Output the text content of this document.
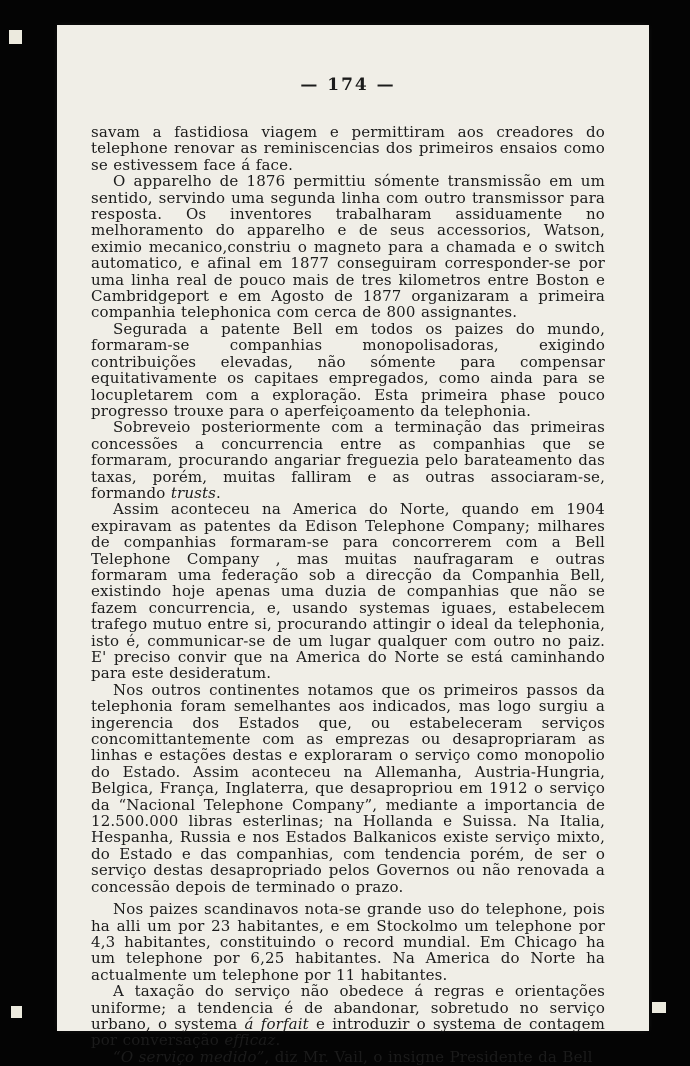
— 174 —

savam a fastidiosa viagem e permittiram aos creadores do telephone renovar as reminiscencias dos primeiros ensaios como se estivessem face á face.

O apparelho de 1876 permittiu sómente transmissão em um sentido, servindo uma segunda linha com outro transmissor para resposta. Os inventores trabalharam assiduamente no melhoramento do apparelho e de seus accessorios, Watson, eximio mecanico,constriu o magneto para a chamada e o switch automatico, e afinal em 1877 conseguiram corresponder-se por uma linha real de pouco mais de tres kilometros entre Boston e Cambridgeport e em Agosto de 1877 organizaram a primeira companhia telephonica com cerca de 800 assignantes.

Segurada a patente Bell em todos os paizes do mundo, formaram-se companhias monopolisadoras, exigindo contribuições elevadas, não sómente para compensar equitativamente os capitaes empregados, como ainda para se locupletarem com a exploração. Esta primeira phase pouco progresso trouxe para o aperfeiçoamento da telephonia.

Sobreveio posteriormente com a terminação das primeiras concessões a concurrencia entre as companhias que se formaram, procurando angariar freguezia pelo barateamento das taxas, porém, muitas falliram e as outras associaram-se, formando trusts.

Assim aconteceu na America do Norte, quando em 1904 expiravam as patentes da Edison Telephone Company; milhares de companhias formaram-se para concorrerem com a Bell Telephone Company , mas muitas naufragaram e outras formaram uma federação sob a direcção da Companhia Bell, existindo hoje apenas uma duzia de companhias que não se fazem concurrencia, e, usando systemas iguaes, estabelecem trafego mutuo entre si, procurando attingir o ideal da telephonia, isto é, communicar-se de um lugar qualquer com outro no paiz. E' preciso convir que na America do Norte se está caminhando para este desideratum.

Nos outros continentes notamos que os primeiros passos da telephonia foram semelhantes aos indicados, mas logo surgiu a ingerencia dos Estados que, ou estabeleceram serviços concomittantemente com as emprezas ou desapropriaram as linhas e estações destas e exploraram o serviço como monopolio do Estado. Assim aconteceu na Allemanha, Austria-Hungria, Belgica, França, Inglaterra, que desapropriou em 1912 o serviço da “Nacional Telephone Company”, mediante a importancia de 12.500.000 libras esterlinas; na Hollanda e Suissa. Na Italia, Hespanha, Russia e nos Estados Balkanicos existe serviço mixto, do Estado e das companhias, com tendencia porém, de ser o serviço destas desapropriado pelos Governos ou não renovada a concessão depois de terminado o prazo.

Nos paizes scandinavos nota-se grande uso do telephone, pois ha alli um por 23 habitantes, e em Stockolmo um telephone por 4,3 habitantes, constituindo o record mundial. Em Chicago ha um telephone por 6,25 habitantes. Na America do Norte ha actualmente um telephone por 11 habitantes.

A taxação do serviço não obedece á regras e orientações uniforme; a tendencia é de abandonar, sobretudo no serviço urbano, o systema á forfait e introduzir o systema de contagem por conversação efficaz.

“O serviço medido”, diz Mr. Vail, o insigne Presidente da Bell
